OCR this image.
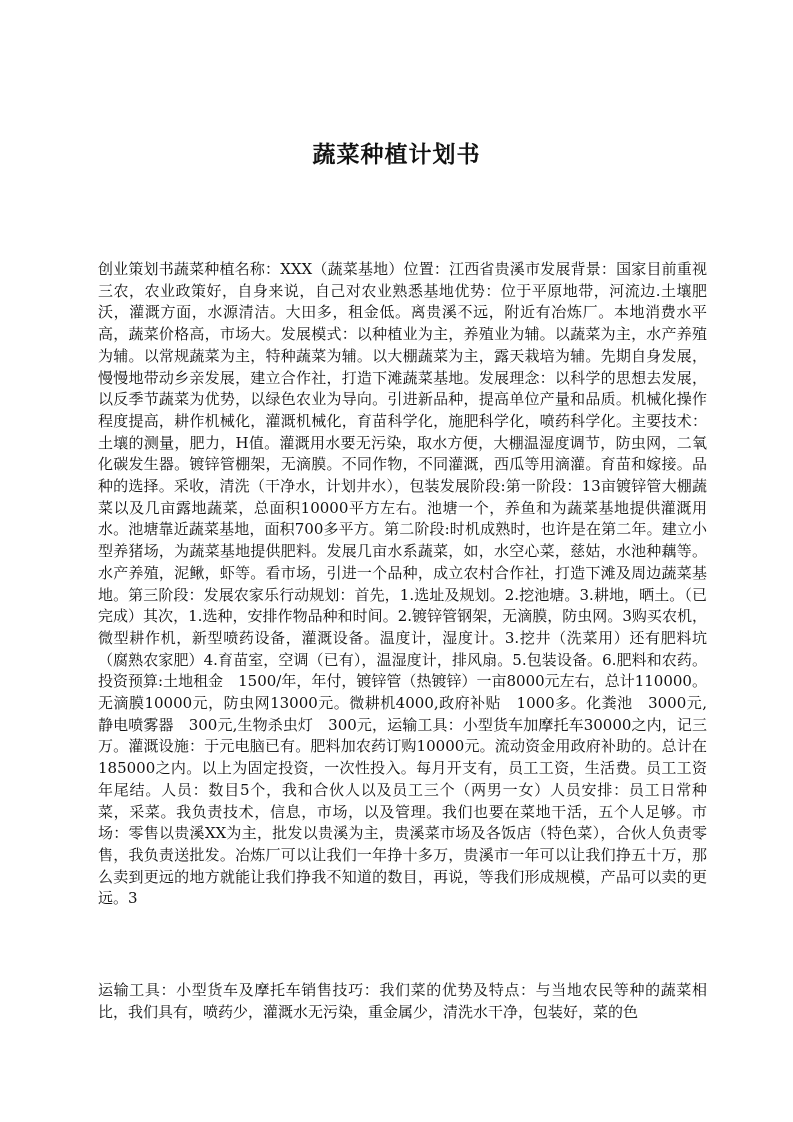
蔬菜种植计划书

创业策划书蔬菜种植名称：XXX（蔬菜基地）位置：江西省贵溪市发展背景：国家目前重视三农，农业政策好，自身来说，自己对农业熟悉基地优势：位于平原地带，河流边.土壤肥沃，灌溉方面，水源清洁。大田多，租金低。离贵溪不远，附近有冶炼厂。本地消费水平高，蔬菜价格高，市场大。发展模式：以种植业为主，养殖业为辅。以蔬菜为主，水产养殖为辅。以常规蔬菜为主，特种蔬菜为辅。以大棚蔬菜为主，露天栽培为辅。先期自身发展，慢慢地带动乡亲发展，建立合作社，打造下滩蔬菜基地。发展理念：以科学的思想去发展，以反季节蔬菜为优势，以绿色农业为导向。引进新品种，提高单位产量和品质。机械化操作程度提高，耕作机械化，灌溉机械化，育苗科学化，施肥科学化，喷药科学化。主要技术：土壤的测量，肥力，H值。灌溉用水要无污染，取水方便，大棚温湿度调节，防虫网，二氧化碳发生器。镀锌管棚架，无滴膜。不同作物，不同灌溉，西瓜等用滴灌。育苗和嫁接。品种的选择。采收，清洗（干净水，计划井水），包装发展阶段:第一阶段：13亩镀锌管大棚蔬菜以及几亩露地蔬菜，总面积10000平方左右。池塘一个，养鱼和为蔬菜基地提供灌溉用水。池塘靠近蔬菜基地，面积700多平方。第二阶段:时机成熟时，也许是在第二年。建立小型养猪场，为蔬菜基地提供肥料。发展几亩水系蔬菜，如，水空心菜，慈姑，水池种藕等。水产养殖，泥鳅，虾等。看市场，引进一个品种，成立农村合作社，打造下滩及周边蔬菜基地。第三阶段：发展农家乐行动规划：首先，1.选址及规划。2.挖池塘。3.耕地，晒土。（已完成）其次，1.选种，安排作物品种和时间。2.镀锌管钢架，无滴膜，防虫网。3购买农机，微型耕作机，新型喷药设备，灌溉设备。温度计，湿度计。3.挖井（洗菜用）还有肥料坑（腐熟农家肥）4.育苗室，空调（已有），温湿度计，排风扇。5.包装设备。6.肥料和农药。投资预算:土地租金　1500/年，年付，镀锌管（热镀锌）一亩8000元左右，总计110000。无滴膜10000元，防虫网13000元。微耕机4000,政府补贴　1000多。化粪池　3000元,静电喷雾器　300元,生物杀虫灯　300元，运输工具：小型货车加摩托车30000之内，记三万。灌溉设施：于元电脑已有。肥料加农药订购10000元。流动资金用政府补助的。总计在　185000之内。以上为固定投资，一次性投入。每月开支有，员工工资，生活费。员工工资年尾结。人员：数目5个，我和合伙人以及员工三个（两男一女）人员安排：员工日常种菜，采菜。我负责技术，信息，市场，以及管理。我们也要在菜地干活，五个人足够。市场：零售以贵溪XX为主，批发以贵溪为主，贵溪菜市场及各饭店（特色菜），合伙人负责零售，我负责送批发。冶炼厂可以让我们一年挣十多万，贵溪市一年可以让我们挣五十万，那么卖到更远的地方就能让我们挣我不知道的数目，再说，等我们形成规模，产品可以卖的更远。3

运输工具：小型货车及摩托车销售技巧：我们菜的优势及特点：与当地农民等种的蔬菜相比，我们具有，喷药少，灌溉水无污染，重金属少，清洗水干净，包装好，菜的色
